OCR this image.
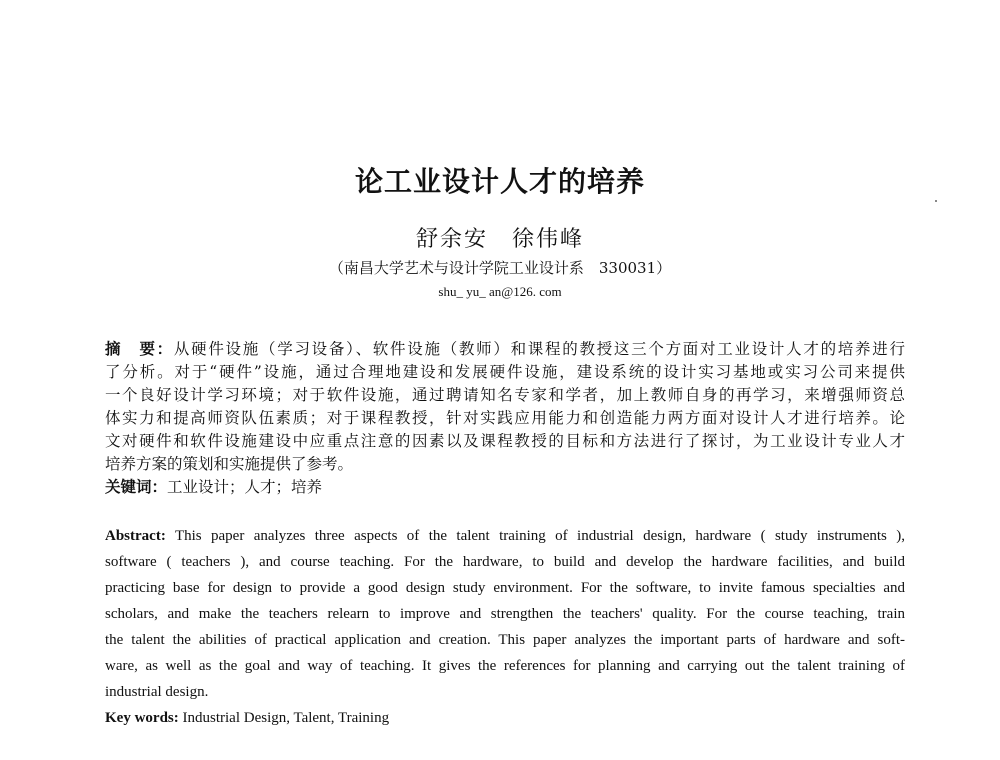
论工业设计人才的培养
舒余安　徐伟峰
（南昌大学艺术与设计学院工业设计系　330031）
shu_ yu_ an@126. com
摘　要：从硬件设施（学习设备）、软件设施（教师）和课程的教授这三个方面对工业设计人才的培养进行
了分析。对于“硬件”设施，通过合理地建设和发展硬件设施，建设系统的设计实习基地或实习公司来提供
一个良好设计学习环境；对于软件设施，通过聘请知名专家和学者，加上教师自身的再学习，来增强师资总
体实力和提高师资队伍素质；对于课程教授，针对实践应用能力和创造能力两方面对设计人才进行培养。论
文对硬件和软件设施建设中应重点注意的因素以及课程教授的目标和方法进行了探讨，为工业设计专业人才
培养方案的策划和实施提供了参考。
关键词：工业设计；人才；培养
Abstract: This paper analyzes three aspects of the talent training of industrial design, hardware ( study instruments ),
software ( teachers ), and course teaching. For the hardware, to build and develop the hardware facilities, and build
practicing base for design to provide a good design study environment. For the software, to invite famous specialties and
scholars, and make the teachers relearn to improve and strengthen the teachers' quality. For the course teaching, train
the talent the abilities of practical application and creation. This paper analyzes the important parts of hardware and soft-
ware, as well as the goal and way of teaching. It gives the references for planning and carrying out the talent training of
industrial design.
Key words: Industrial Design, Talent, Training
